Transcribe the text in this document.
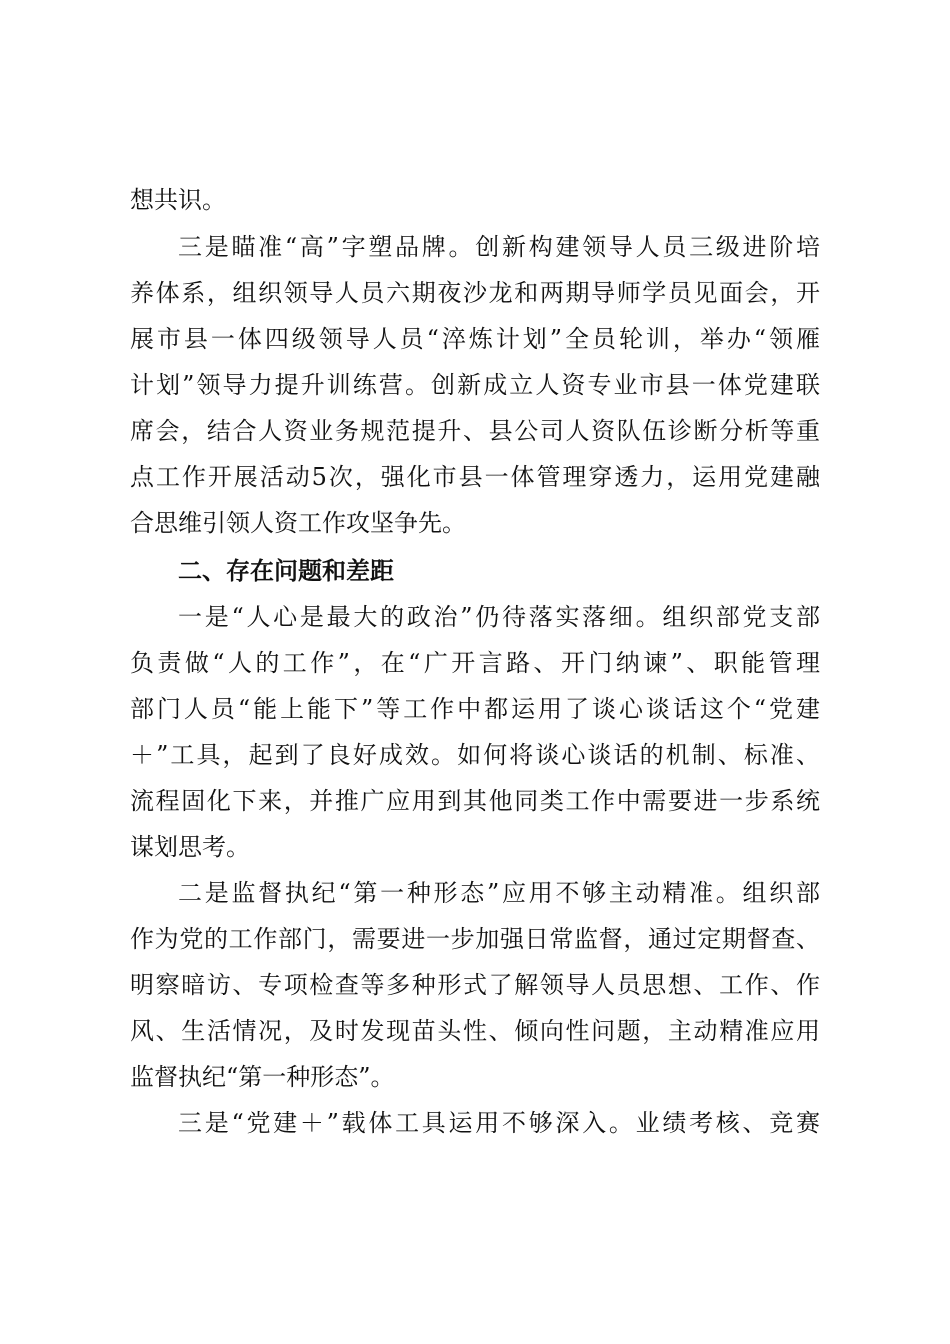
想共识。
三是瞄准“高”字塑品牌。创新构建领导人员三级进阶培
养体系，组织领导人员六期夜沙龙和两期导师学员见面会，开
展市县一体四级领导人员“淬炼计划”全员轮训，举办“领雁
计划”领导力提升训练营。创新成立人资专业市县一体党建联
席会，结合人资业务规范提升、县公司人资队伍诊断分析等重
点工作开展活动5次，强化市县一体管理穿透力，运用党建融
合思维引领人资工作攻坚争先。
二、存在问题和差距
一是“人心是最大的政治”仍待落实落细。组织部党支部
负责做“人的工作”，在“广开言路、开门纳谏”、职能管理
部门人员“能上能下”等工作中都运用了谈心谈话这个“党建
＋”工具，起到了良好成效。如何将谈心谈话的机制、标准、
流程固化下来，并推广应用到其他同类工作中需要进一步系统
谋划思考。
二是监督执纪“第一种形态”应用不够主动精准。组织部
作为党的工作部门，需要进一步加强日常监督，通过定期督查、
明察暗访、专项检查等多种形式了解领导人员思想、工作、作
风、生活情况，及时发现苗头性、倾向性问题，主动精准应用
监督执纪“第一种形态”。
三是“党建＋”载体工具运用不够深入。业绩考核、竞赛
